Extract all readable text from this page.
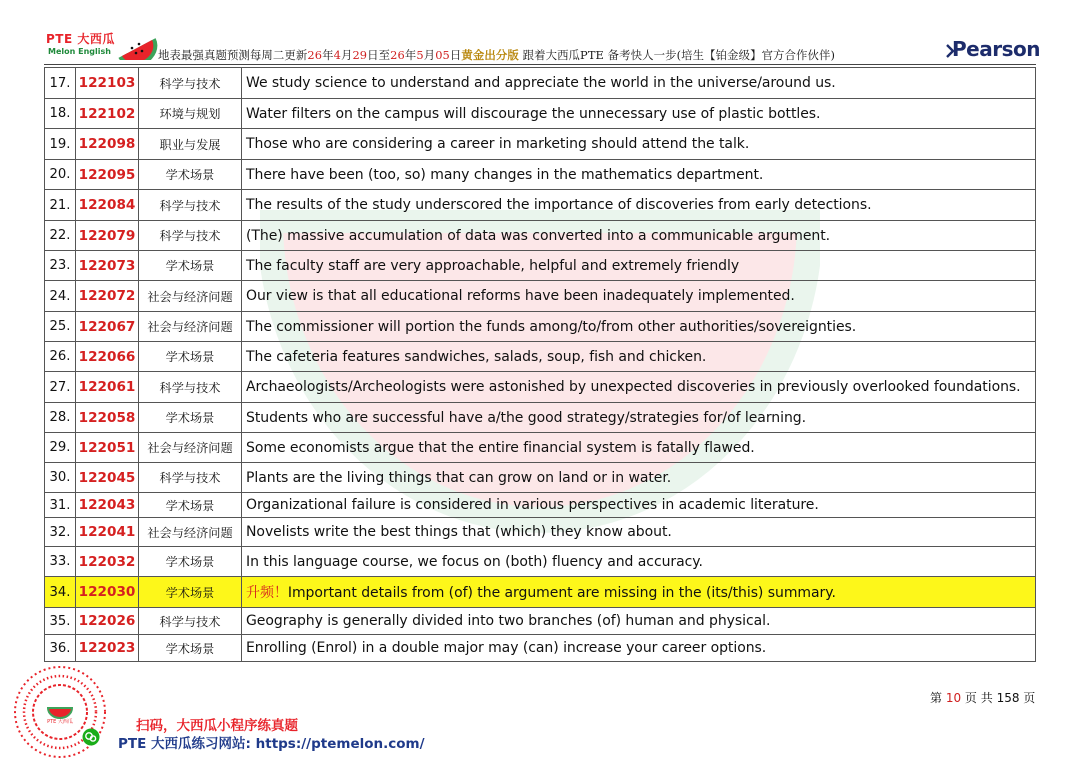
PTE 大西瓜
Melon English	地表最强真题预测每周二更新26年4月29日至26年5月05日黄金出分版 跟着大西瓜PTE 备考快人一步(培生【铂金级】官方合作伙伴)	Pearson
17.	122103	科学与技术	We study science to understand and appreciate the world in the universe/around us.
18.	122102	环境与规划	Water filters on the campus will discourage the unnecessary use of plastic bottles.
19.	122098	职业与发展	Those who are considering a career in marketing should attend the talk.
20.	122095	学术场景	There have been (too, so) many changes in the mathematics department.
21.	122084	科学与技术	The results of the study underscored the importance of discoveries from early detections.
22.	122079	科学与技术	(The) massive accumulation of data was converted into a communicable argument.
23.	122073	学术场景	The faculty staff are very approachable, helpful and extremely friendly
24.	122072	社会与经济问题	Our view is that all educational reforms have been inadequately implemented.
25.	122067	社会与经济问题	The commissioner will portion the funds among/to/from other authorities/sovereignties.
26.	122066	学术场景	The cafeteria features sandwiches, salads, soup, fish and chicken.
27.	122061	科学与技术	Archaeologists/Archeologists were astonished by unexpected discoveries in previously overlooked foundations.
28.	122058	学术场景	Students who are successful have a/the good strategy/strategies for/of learning.
29.	122051	社会与经济问题	Some economists argue that the entire financial system is fatally flawed.
30.	122045	科学与技术	Plants are the living things that can grow on land or in water.
31.	122043	学术场景	Organizational failure is considered in various perspectives in academic literature.
32.	122041	社会与经济问题	Novelists write the best things that (which) they know about.
33.	122032	学术场景	In this language course, we focus on (both) fluency and accuracy.
34.	122030	学术场景	升频！Important details from (of) the argument are missing in the (its/this) summary.
35.	122026	科学与技术	Geography is generally divided into two branches (of) human and physical.
36.	122023	学术场景	Enrolling (Enrol) in a double major may (can) increase your career options.
第 10 页 共 158 页
PTE 大西瓜	扫码，大西瓜小程序练真题
PTE 大西瓜练习网站: https://ptemelon.com/
